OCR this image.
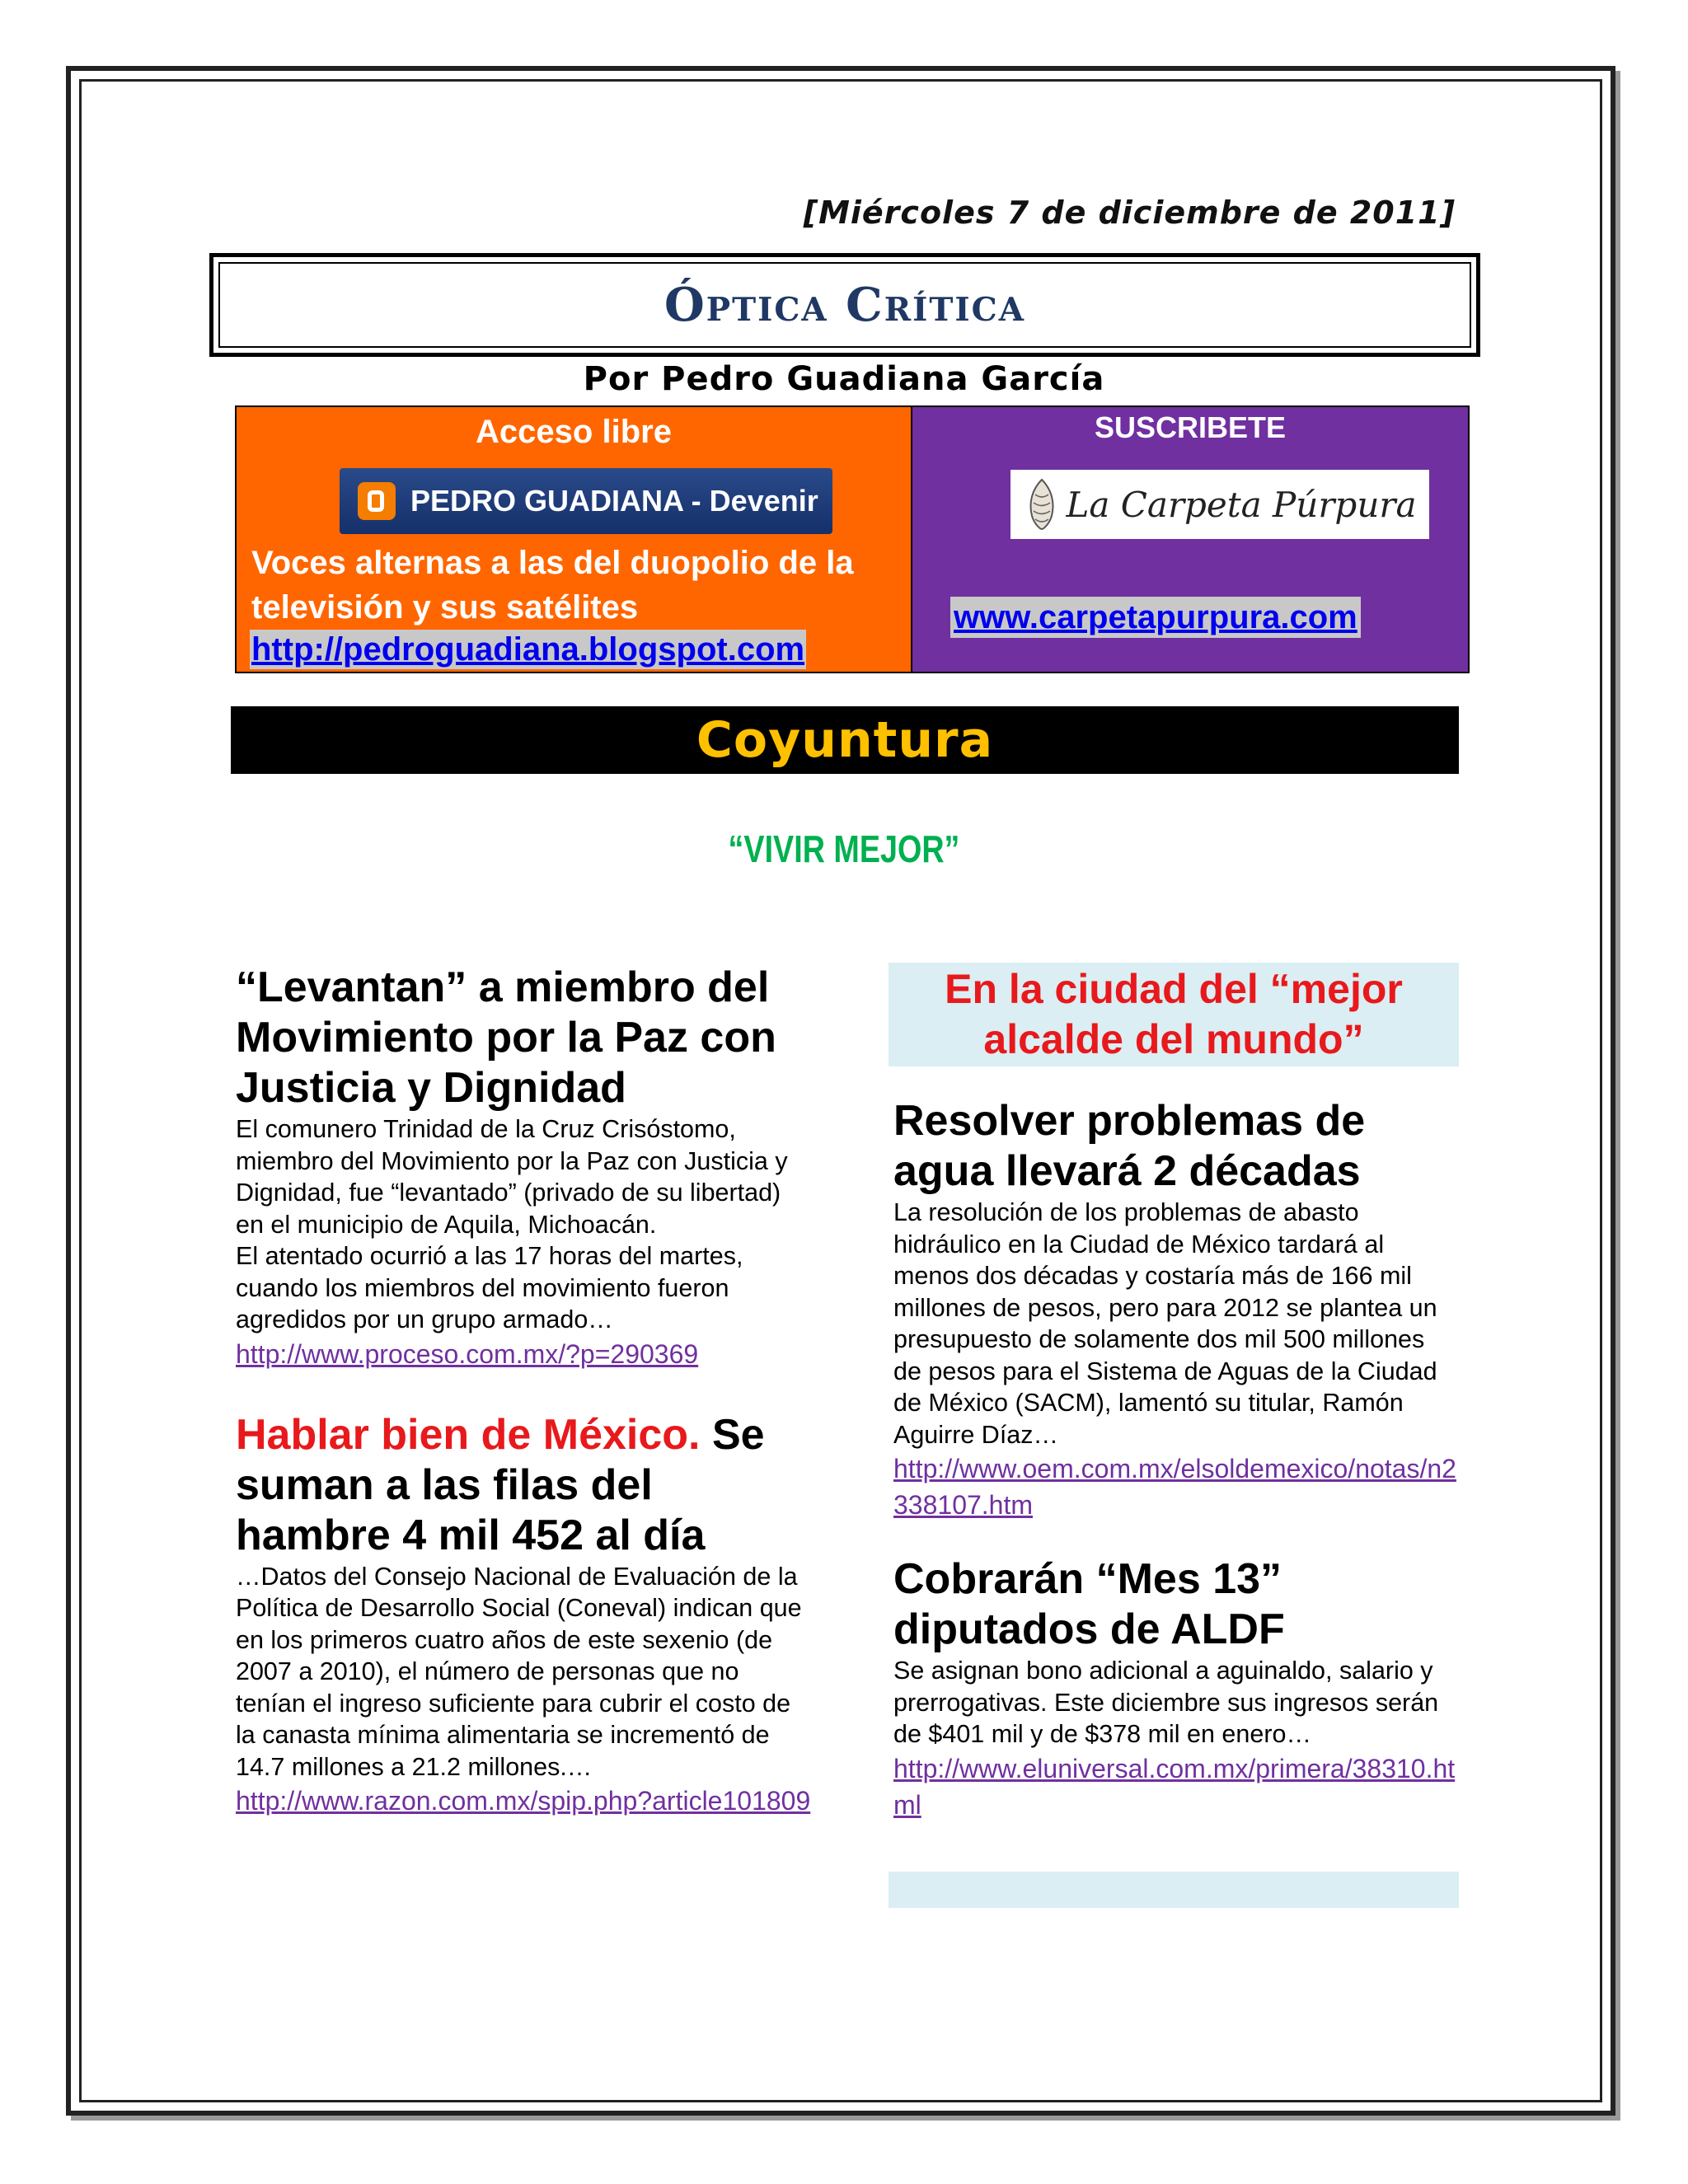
[Miércoles 7 de diciembre de 2011]
Óptica Crítica
Por Pedro Guadiana García
Acceso libre
PEDRO GUADIANA - Devenir
Voces alternas a las del duopolio de la televisión y sus satélites
http://pedroguadiana.blogspot.com
SUSCRIBETE
La Carpeta Púrpura
www.carpetapurpura.com
Coyuntura
“VIVIR MEJOR”
“Levantan” a miembro del Movimiento por la Paz con Justicia y Dignidad

El comunero Trinidad de la Cruz Crisóstomo, miembro del Movimiento por la Paz con Justicia y Dignidad, fue “levantado” (privado de su libertad) en el municipio de Aquila, Michoacán.

El atentado ocurrió a las 17 horas del martes, cuando los miembros del movimiento fueron agredidos por un grupo armado…

http://www.proceso.com.mx/?p=290369
Hablar bien de México. Se suman a las filas del hambre 4 mil 452 al día

…Datos del Consejo Nacional de Evaluación de la Política de Desarrollo Social (Coneval) indican que en los primeros cuatro años de este sexenio (de 2007 a 2010), el número de personas que no tenían el ingreso suficiente para cubrir el costo de la canasta mínima alimentaria se incrementó de 14.7 millones a 21.2 millones.…

http://www.razon.com.mx/spip.php?article101809
En la ciudad del “mejor alcalde del mundo”
Resolver problemas de agua llevará 2 décadas

La resolución de los problemas de abasto hidráulico en la Ciudad de México tardará al menos dos décadas y costaría más de 166 mil millones de pesos, pero para 2012 se plantea un presupuesto de solamente dos mil 500 millones de pesos para el Sistema de Aguas de la Ciudad de México (SACM), lamentó su titular, Ramón Aguirre Díaz…

http://www.oem.com.mx/elsoldemexico/notas/n2338107.htm
Cobrarán “Mes 13” diputados de ALDF

Se asignan bono adicional a aguinaldo, salario y prerrogativas. Este diciembre sus ingresos serán de $401 mil y de $378 mil en enero…

http://www.eluniversal.com.mx/primera/38310.html
